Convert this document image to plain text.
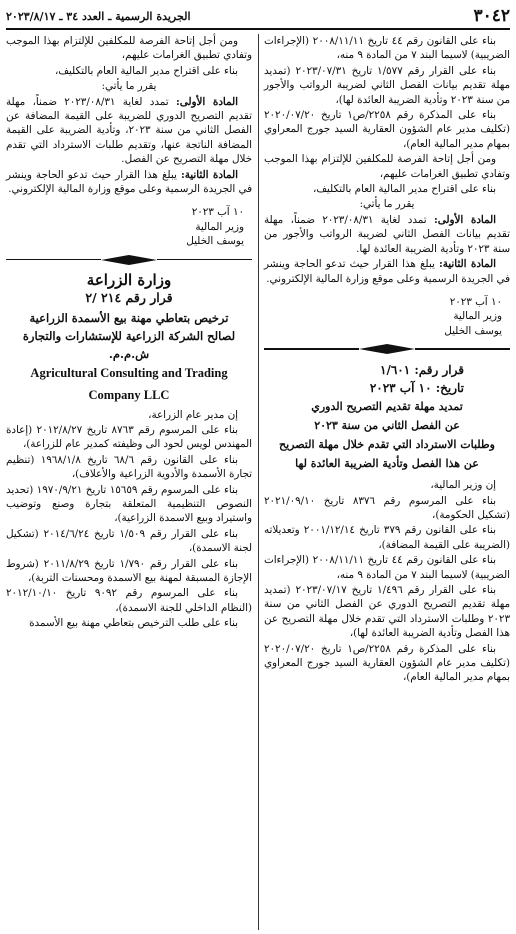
٣٠٤٢
الجريدة الرسمية ـ العدد ٣٤ ـ ٢٠٢٣/٨/١٧

بناء على القانون رقم ٤٤ تاريخ ٢٠٠٨/١١/١١ (الإجراءات الضريبية) لاسيما البند ٧ من المادة ٩ منه،

بناء على القرار رقم ١/٥٧٧ تاريخ ٢٠٢٣/٠٧/٣١ (تمديد مهلة تقديم بيانات الفصل الثاني لضريبة الرواتب والأجور من سنة ٢٠٢٣ وتأدية الضريبة العائدة لها)،

بناء على المذكرة رقم ٢٢٥٨/ص١ تاريخ ٢٠٢٠/٠٧/٢٠ (تكليف مدير عام الشؤون العقارية السيد جورج المعراوي بمهام مدير المالية العام)،

ومن أجل إتاحة الفرصة للمكلفين للإلتزام بهذا الموجب وتفادي تطبيق الغرامات عليهم،

بناء على اقتراح مدير المالية العام بالتكليف،

يقرر ما يأتي:

المادة الأولى: تمدد لغاية ٢٠٢٣/٠٨/٣١ ضمناً، مهلة تقديم بيانات الفصل الثاني لضريبة الرواتب والأجور من سنة ٢٠٢٣ وتأدية الضريبة العائدة لها.

المادة الثانية: يبلغ هذا القرار حيث تدعو الحاجة وينشر في الجريدة الرسمية وعلى موقع وزارة المالية الإلكتروني.

١٠ آب ٢٠٢٣

وزير المالية

يوسف الخليل

قرار رقم: ١/٦٠١

تاريخ: ١٠ آب ٢٠٢٣

تمديد مهلة تقديم التصريح الدوري

عن الفصل الثاني من سنة ٢٠٢٣

وطلبات الاسترداد التي تقدم خلال مهلة التصريح

عن هذا الفصل وتأدية الضريبة العائدة لها

إن وزير المالية،

بناء على المرسوم رقم ٨٣٧٦ تاريخ ٢٠٢١/٠٩/١٠ (تشكيل الحكومة)،

بناء على القانون رقم ٣٧٩ تاريخ ٢٠٠١/١٢/١٤ وتعديلاته (الضريبة على القيمة المضافة)،

بناء على القانون رقم ٤٤ تاريخ ٢٠٠٨/١١/١١ (الإجراءات الضريبية) لاسيما البند ٧ من المادة ٩ منه،

بناء على القرار رقم ١/٤٩٦ تاريخ ٢٠٢٣/٠٧/١٧ (تمديد مهلة تقديم التصريح الدوري عن الفصل الثاني من سنة ٢٠٢٣ وطلبات الاسترداد التي تقدم خلال مهلة التصريح عن هذا الفصل وتأدية الضريبة العائدة لها)،

بناء على المذكرة رقم ٢٢٥٨/ص١ تاريخ ٢٠٢٠/٠٧/٢٠ (تكليف مدير عام الشؤون العقارية السيد جورج المعراوي بمهام مدير المالية العام)،

ومن أجل إتاحة الفرصة للمكلفين للإلتزام بهذا الموجب وتفادي تطبيق الغرامات عليهم،

بناء على اقتراح مدير المالية العام بالتكليف،

يقرر ما يأتي:

المادة الأولى: تمدد لغاية ٢٠٢٣/٠٨/٣١ ضمناً، مهلة تقديم التصريح الدوري للضريبة على القيمة المضافة عن الفصل الثاني من سنة ٢٠٢٣، وتأدية الضريبة على القيمة المضافة الناتجة عنها، وتقديم طلبات الاسترداد التي تقدم خلال مهلة التصريح عن الفصل.

المادة الثانية: يبلغ هذا القرار حيث تدعو الحاجة وينشر في الجريدة الرسمية وعلى موقع وزارة المالية الإلكتروني.

١٠ آب ٢٠٢٣

وزير المالية

يوسف الخليل

وزارة الزراعة

قرار رقم ٢١٤ /٢

ترخيص بتعاطي مهنة بيع الأسمدة الزراعية

لصالح الشركة الزراعية للإستشارات والتجارة

ش.م.م.

Agricultural Consulting and Trading

Company LLC

إن مدير عام الزراعة،

بناء على المرسوم رقم ٨٧٦٣ تاريخ ٢٠١٢/٨/٢٧ (إعادة المهندس لويس لحود الى وظيفته كمدير عام للزراعة)،

بناء على القانون رقم ٦٨/٦ تاريخ ١٩٦٨/١/٨ (تنظيم تجارة الأسمدة والأدوية الزراعية والأعلاف)،

بناء على المرسوم رقم ١٥٦٥٩ تاريخ ١٩٧٠/٩/٢١ (تحديد النصوص التنظيمية المتعلقة بتجارة وصنع وتوضيب واستيراد وبيع الاسمدة الزراعية)،

بناء على القرار رقم ١/٥٠٩ تاريخ ٢٠١٤/٦/٢٤ (تشكيل لجنة الاسمدة)،

بناء على القرار رقم ١/٧٩٠ تاريخ ٢٠١١/٨/٢٩ (شروط الإجازة المسبقة لمهنة بيع الاسمدة ومحسنات التربة)،

بناء على المرسوم رقم ٩٠٩٢ تاريخ ٢٠١٢/١٠/١٠ (النظام الداخلي للجنة الاسمدة)،

بناء على طلب الترخيص بتعاطي مهنة بيع الأسمدة
